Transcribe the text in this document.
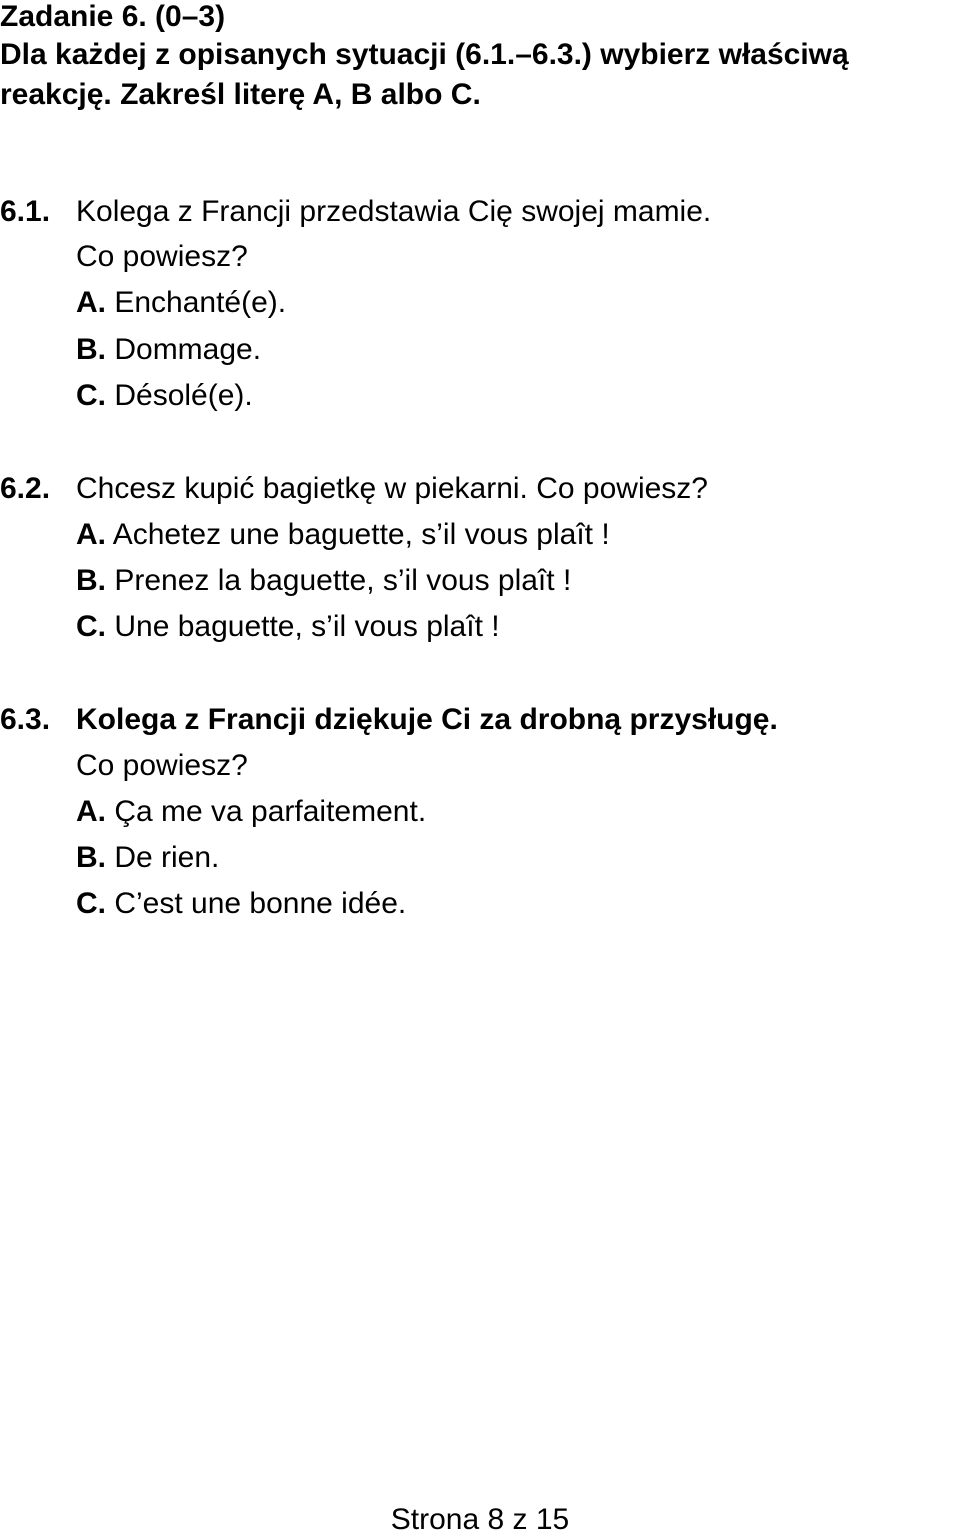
Zadanie 6. (0–3)
Dla każdej z opisanych sytuacji (6.1.–6.3.) wybierz właściwą
reakcję. Zakreśl literę A, B albo C.
6.1. Kolega z Francji przedstawia Cię swojej mamie.
Co powiesz?
A. Enchanté(e).
B. Dommage.
C. Désolé(e).
6.2. Chcesz kupić bagietkę w piekarni. Co powiesz?
A. Achetez une baguette, s’il vous plaît !
B. Prenez la baguette, s’il vous plaît !
C. Une baguette, s’il vous plaît !
6.3. Kolega z Francji dziękuje Ci za drobną przysługę.
Co powiesz?
A. Ça me va parfaitement.
B. De rien.
C. C’est une bonne idée.
Strona 8 z 15
